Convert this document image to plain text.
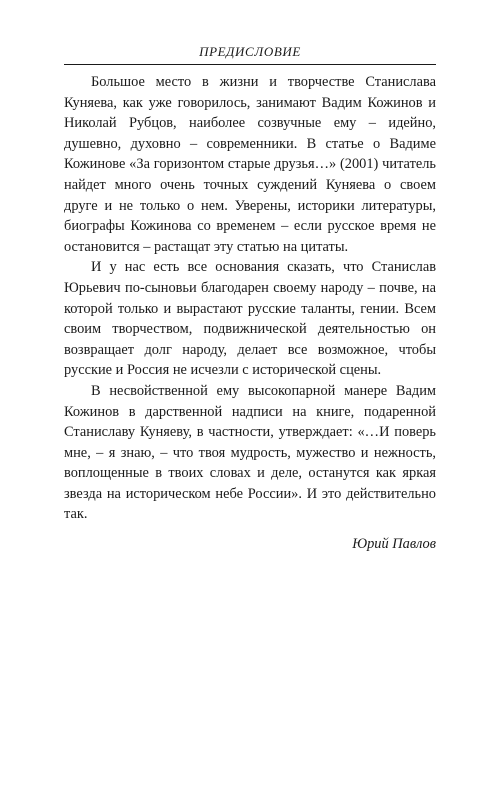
ПРЕДИСЛОВИЕ

Большое место в жизни и творчестве Станислава Куняева, как уже говорилось, занимают Вадим Кожинов и Николай Рубцов, наиболее созвучные ему – идейно, душевно, духовно – современники. В статье о Вадиме Кожинове «За горизонтом старые друзья…» (2001) читатель найдет много очень точных суждений Куняева о своем друге и не только о нем. Уверены, историки литературы, биографы Кожинова со временем – если русское время не остановится – растащат эту статью на цитаты.

И у нас есть все основания сказать, что Станислав Юрьевич по-сыновьи благодарен своему народу – почве, на которой только и вырастают русские таланты, гении. Всем своим творчеством, подвижнической деятельностью он возвращает долг народу, делает все возможное, чтобы русские и Россия не исчезли с исторической сцены.

В несвойственной ему высокопарной манере Вадим Кожинов в дарственной надписи на книге, подаренной Станиславу Куняеву, в частности, утверждает: «…И поверь мне, – я знаю, – что твоя мудрость, мужество и нежность, воплощенные в твоих словах и деле, останутся как яркая звезда на историческом небе России». И это действительно так.

Юрий Павлов
